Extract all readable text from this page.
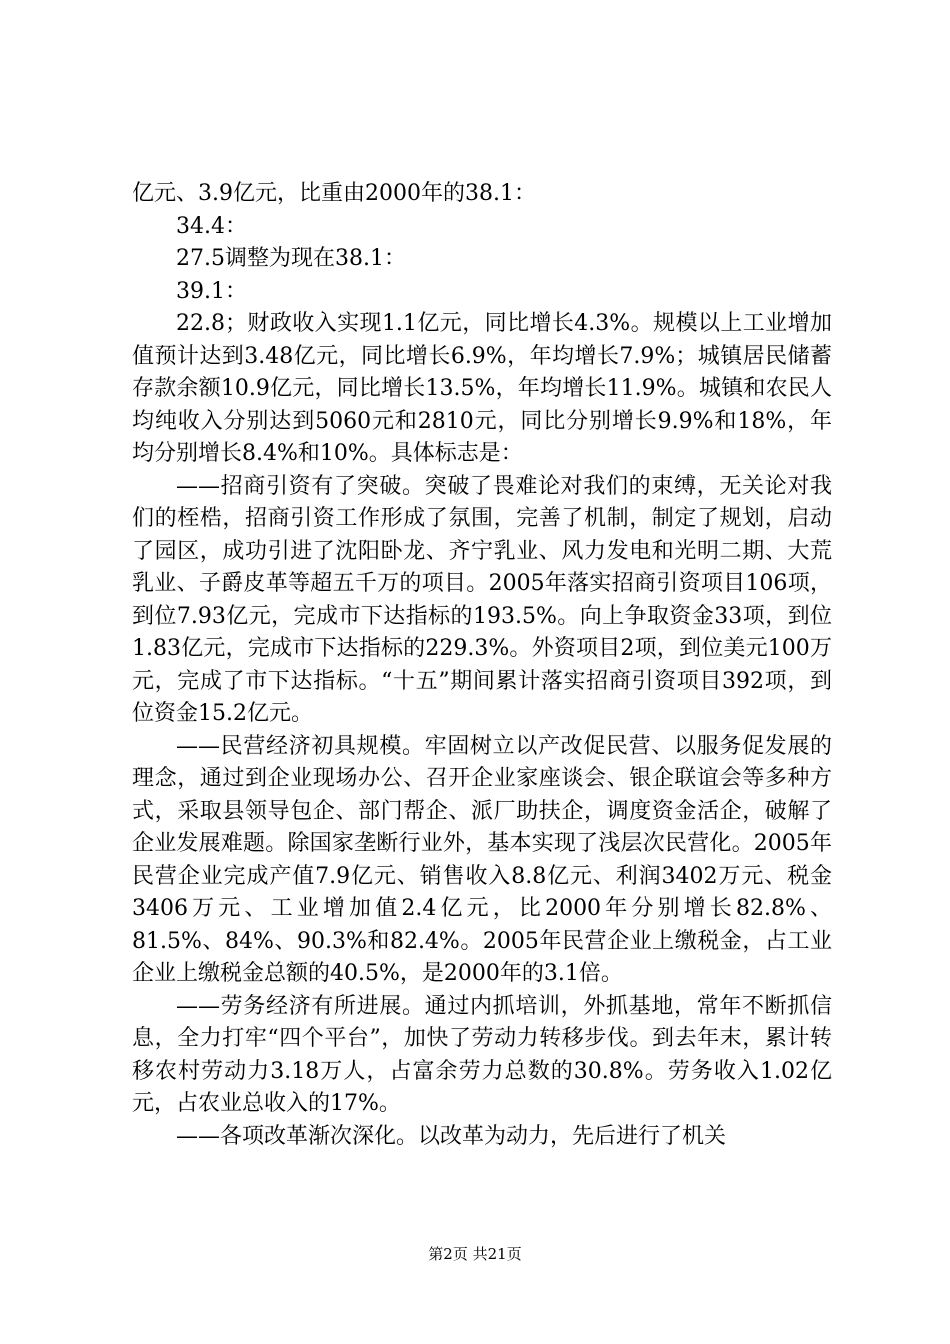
亿元、3.9亿元，比重由2000年的38.1：

34.4：

27.5调整为现在38.1：

39.1：

22.8；财政收入实现1.1亿元，同比增长4.3%。规模以上工业增加值预计达到3.48亿元，同比增长6.9%，年均增长7.9%；城镇居民储蓄存款余额10.9亿元，同比增长13.5%，年均增长11.9%。城镇和农民人均纯收入分别达到5060元和2810元，同比分别增长9.9%和18%，年均分别增长8.4%和10%。具体标志是：

——招商引资有了突破。突破了畏难论对我们的束缚，无关论对我们的桎梏，招商引资工作形成了氛围，完善了机制，制定了规划，启动了园区，成功引进了沈阳卧龙、齐宁乳业、风力发电和光明二期、大荒乳业、子爵皮革等超五千万的项目。2005年落实招商引资项目106项，到位7.93亿元，完成市下达指标的193.5%。向上争取资金33项，到位1.83亿元，完成市下达指标的229.3%。外资项目2项，到位美元100万元，完成了市下达指标。“十五”期间累计落实招商引资项目392项，到位资金15.2亿元。

——民营经济初具规模。牢固树立以产改促民营、以服务促发展的理念，通过到企业现场办公、召开企业家座谈会、银企联谊会等多种方式，采取县领导包企、部门帮企、派厂助扶企，调度资金活企，破解了企业发展难题。除国家垄断行业外，基本实现了浅层次民营化。2005年民营企业完成产值7.9亿元、销售收入8.8亿元、利润3402万元、税金3406万元、工业增加值2.4亿元，比2000年分别增长82.8%、81.5%、84%、90.3%和82.4%。2005年民营企业上缴税金，占工业企业上缴税金总额的40.5%，是2000年的3.1倍。

——劳务经济有所进展。通过内抓培训，外抓基地，常年不断抓信息，全力打牢“四个平台”，加快了劳动力转移步伐。到去年末，累计转移农村劳动力3.18万人，占富余劳力总数的30.8%。劳务收入1.02亿元，占农业总收入的17%。

——各项改革渐次深化。以改革为动力，先后进行了机关

第2页 共21页
